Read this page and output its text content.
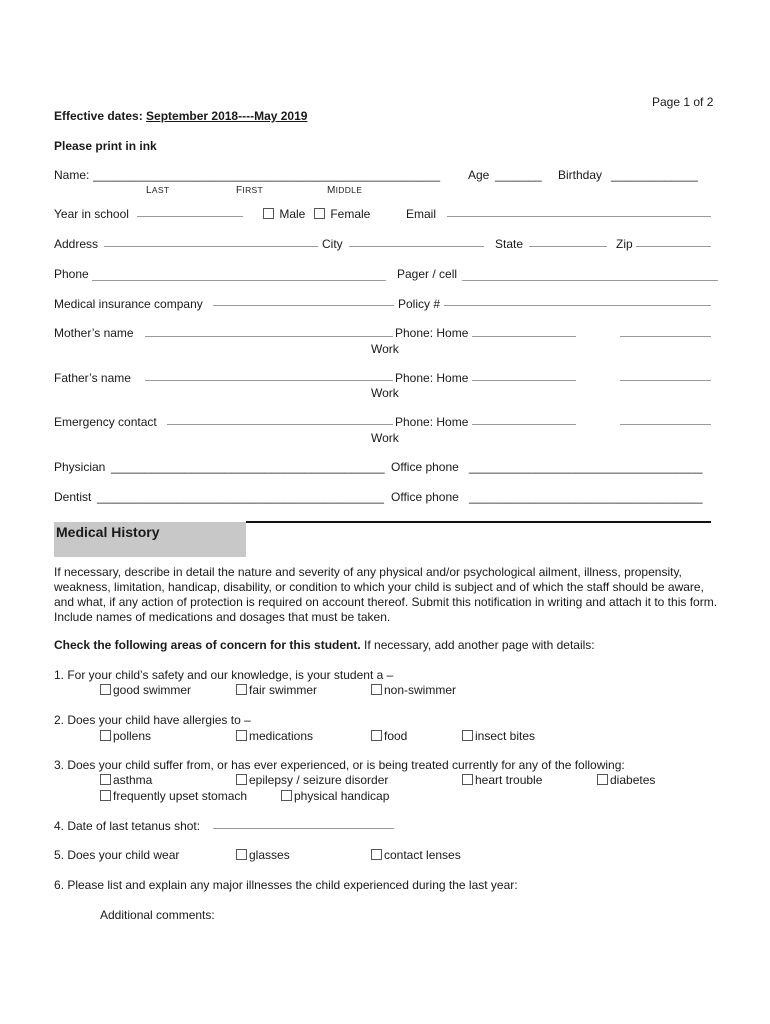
Page 1 of 2
Effective dates: September 2018----May 2019
Please print in ink
Name: ____________________________________________________ Age _______ Birthday _____________
LAST	FIRST	MIDDLE
Year in school	Male	Female	Email
Address	City	State	Zip
Phone	Pager / cell
Medical insurance company	Policy #
Mother’s name	Phone: Home
Work
Father’s name	Phone: Home
Work
Emergency contact	Phone: Home
Work
Physician _________________________________________ Office phone ___________________________________
Dentist ___________________________________________ Office phone ___________________________________
Medical History
If necessary, describe in detail the nature and severity of any physical and/or psychological ailment, illness, propensity, weakness, limitation, handicap, disability, or condition to which your child is subject and of which the staff should be aware, and what, if any action of protection is required on account thereof. Submit this notification in writing and attach it to this form. Include names of medications and dosages that must be taken.
Check the following areas of concern for this student. If necessary, add another page with details:
1. For your child’s safety and our knowledge, is your student a –
good swimmer	fair swimmer	non-swimmer
2. Does your child have allergies to –
pollens	medications	food	insect bites
3. Does your child suffer from, or has ever experienced, or is being treated currently for any of the following:
asthma	epilepsy / seizure disorder	heart trouble	diabetes
frequently upset stomach	physical handicap
4. Date of last tetanus shot:
5. Does your child wear	glasses	contact lenses
6. Please list and explain any major illnesses the child experienced during the last year:
Additional comments:
